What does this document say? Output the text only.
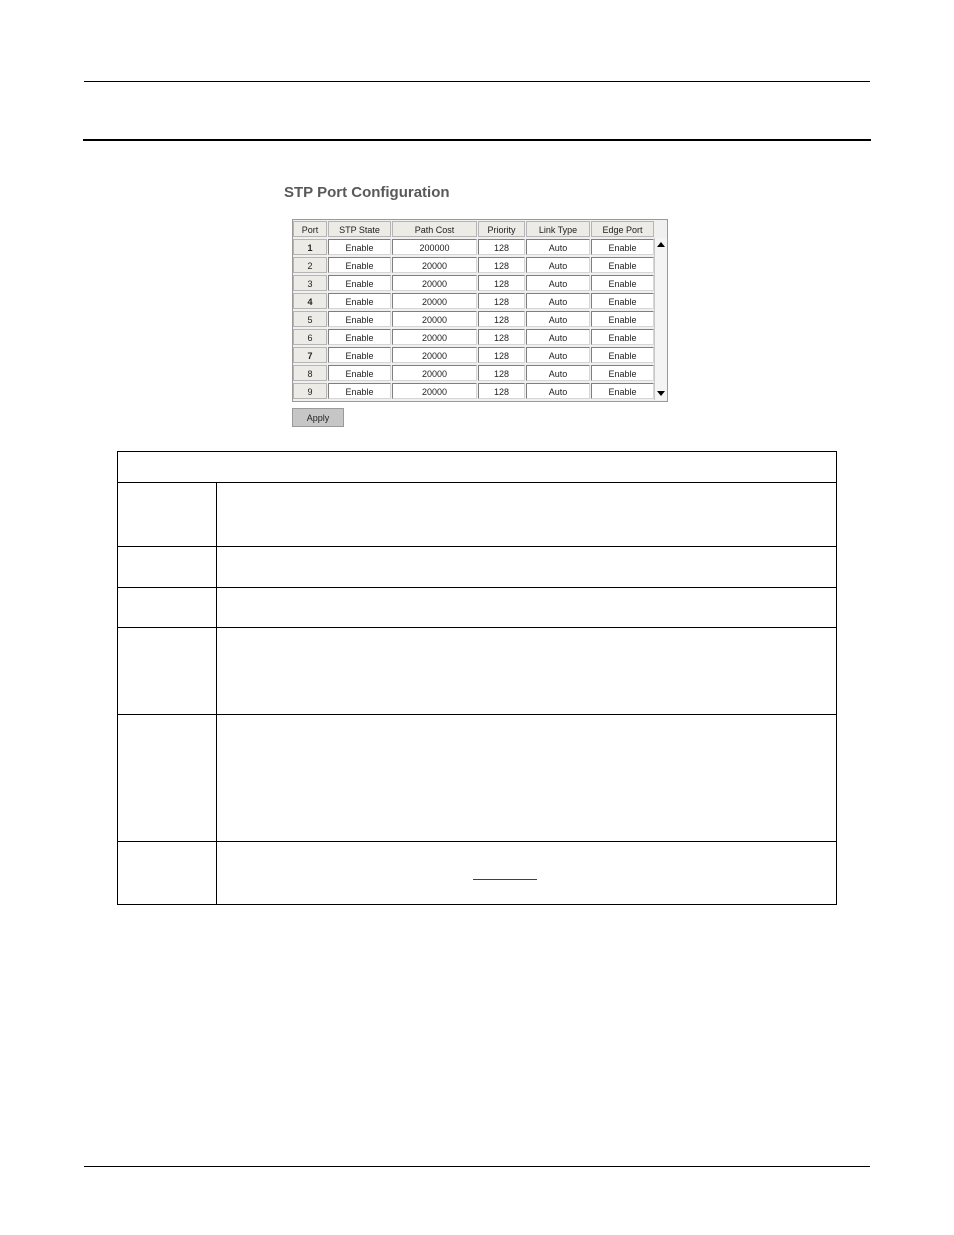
STP Port Configuration
Port	STP State	Path Cost	Priority	Link Type	Edge Port
1	Enable	200000	128	Auto	Enable
2	Enable	20000	128	Auto	Enable
3	Enable	20000	128	Auto	Enable
4	Enable	20000	128	Auto	Enable
5	Enable	20000	128	Auto	Enable
6	Enable	20000	128	Auto	Enable
7	Enable	20000	128	Auto	Enable
8	Enable	20000	128	Auto	Enable
9	Enable	20000	128	Auto	Enable
Apply
